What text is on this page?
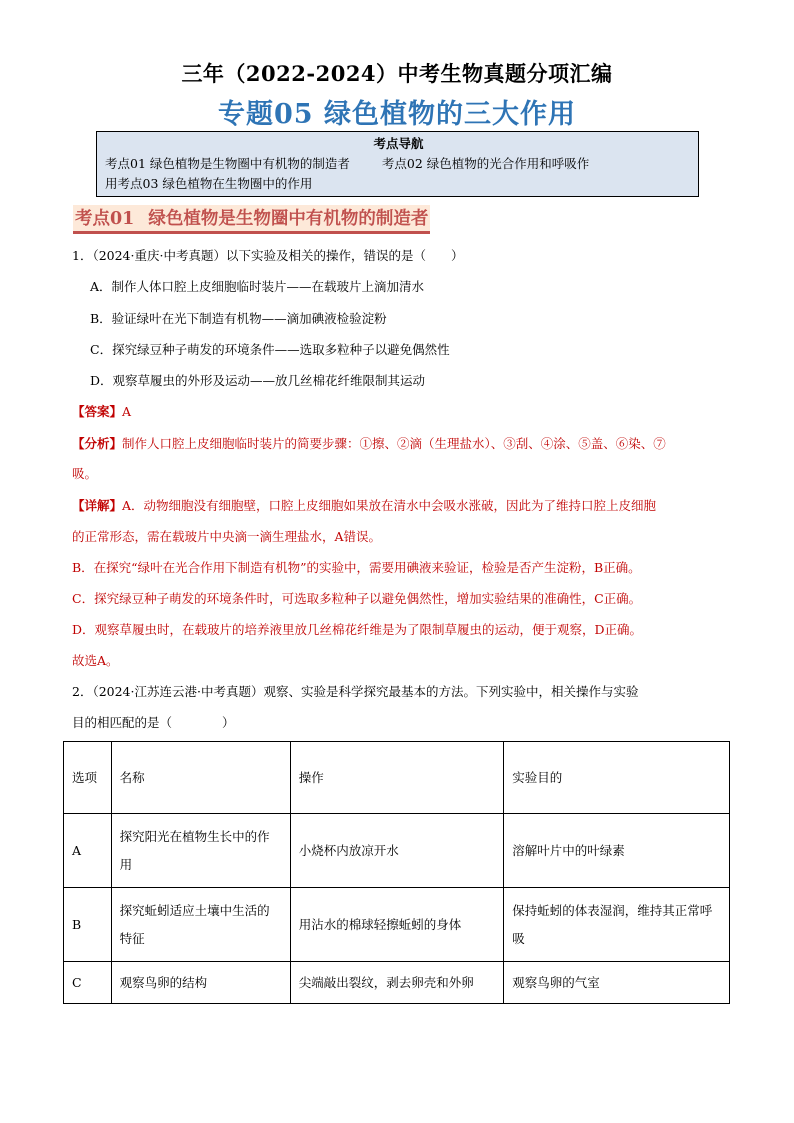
三年（2022-2024）中考生物真题分项汇编
专题05 绿色植物的三大作用
考点导航
考点01 绿色植物是生物圈中有机物的制造者	考点02 绿色植物的光合作用和呼吸作
用考点03 绿色植物在生物圈中的作用
考点01 绿色植物是生物圈中有机物的制造者
1．（2024·重庆·中考真题）以下实验及相关的操作，错误的是（　　）
A．制作人体口腔上皮细胞临时装片——在载玻片上滴加清水
B．验证绿叶在光下制造有机物——滴加碘液检验淀粉
C．探究绿豆种子萌发的环境条件——选取多粒种子以避免偶然性
D．观察草履虫的外形及运动——放几丝棉花纤维限制其运动
【答案】A
【分析】制作人口腔上皮细胞临时装片的简要步骤：①擦、②滴（生理盐水）、③刮、④涂、⑤盖、⑥染、⑦
吸。
【详解】A．动物细胞没有细胞壁，口腔上皮细胞如果放在清水中会吸水涨破，因此为了维持口腔上皮细胞
的正常形态，需在载玻片中央滴一滴生理盐水，A错误。
B．在探究“绿叶在光合作用下制造有机物”的实验中，需要用碘液来验证，检验是否产生淀粉，B正确。
C．探究绿豆种子萌发的环境条件时，可选取多粒种子以避免偶然性，增加实验结果的准确性，C正确。
D．观察草履虫时，在载玻片的培养液里放几丝棉花纤维是为了限制草履虫的运动，便于观察，D正确。
故选A。
2．（2024·江苏连云港·中考真题）观察、实验是科学探究最基本的方法。下列实验中，相关操作与实验
目的相匹配的是（　　　　）
选项	名称	操作	实验目的
A	探究阳光在植物生长中的作用	小烧杯内放凉开水	溶解叶片中的叶绿素
B	探究蚯蚓适应土壤中生活的特征	用沾水的棉球轻擦蚯蚓的身体	保持蚯蚓的体表湿润，维持其正常呼吸
C	观察鸟卵的结构	尖端敲出裂纹，剥去卵壳和外卵	观察鸟卵的气室
